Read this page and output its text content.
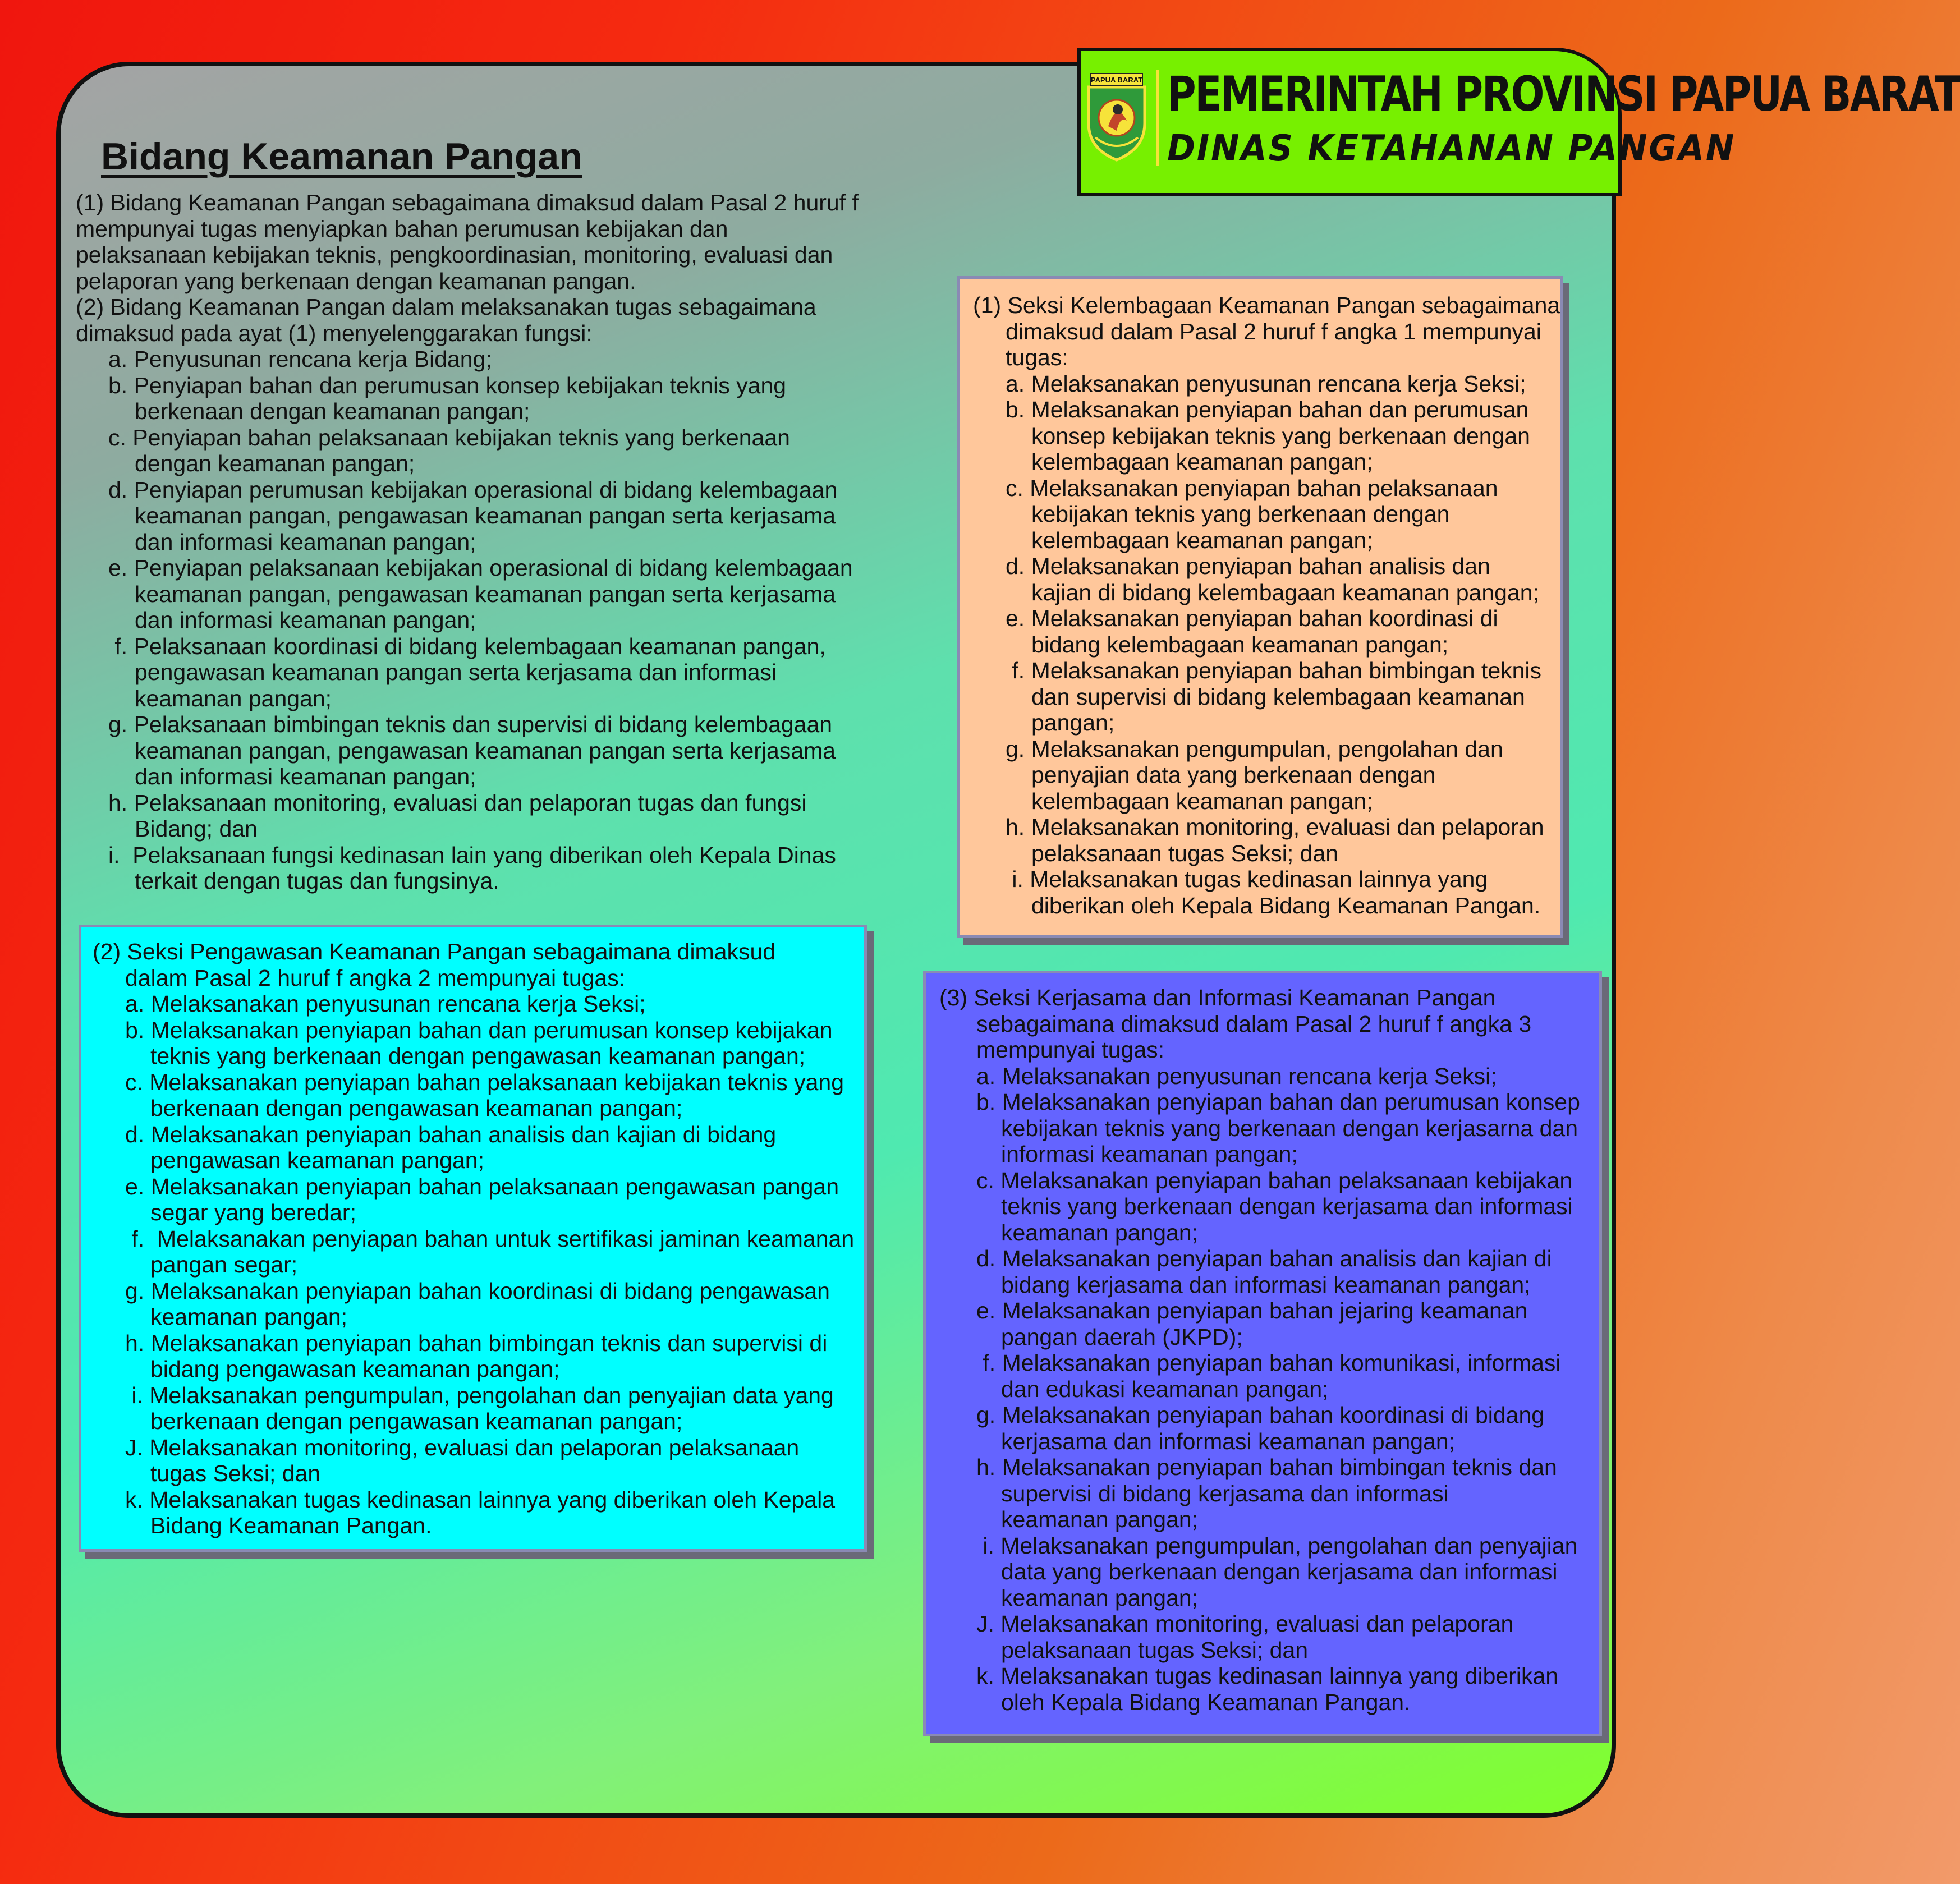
PAPUA BARAT PEMERINTAH PROVINSI PAPUA BARAT
DINAS KETAHANAN PANGAN
Bidang Keamanan Pangan
(1) Bidang Keamanan Pangan sebagaimana dimaksud dalam Pasal 2 huruf f
mempunyai tugas menyiapkan bahan perumusan kebijakan dan
pelaksanaan kebijakan teknis, pengkoordinasian, monitoring, evaluasi dan
pelaporan yang berkenaan dengan keamanan pangan.
(2) Bidang Keamanan Pangan dalam melaksanakan tugas sebagaimana
dimaksud pada ayat (1) menyelenggarakan fungsi:
a. Penyusunan rencana kerja Bidang;
b. Penyiapan bahan dan perumusan konsep kebijakan teknis yang
berkenaan dengan keamanan pangan;
c. Penyiapan bahan pelaksanaan kebijakan teknis yang berkenaan
dengan keamanan pangan;
d. Penyiapan perumusan kebijakan operasional di bidang kelembagaan
keamanan pangan, pengawasan keamanan pangan serta kerjasama
dan informasi keamanan pangan;
e. Penyiapan pelaksanaan kebijakan operasional di bidang kelembagaan
keamanan pangan, pengawasan keamanan pangan serta kerjasama
dan informasi keamanan pangan;
f. Pelaksanaan koordinasi di bidang kelembagaan keamanan pangan,
pengawasan keamanan pangan serta kerjasama dan informasi
keamanan pangan;
g. Pelaksanaan bimbingan teknis dan supervisi di bidang kelembagaan
keamanan pangan, pengawasan keamanan pangan serta kerjasama
dan informasi keamanan pangan;
h. Pelaksanaan monitoring, evaluasi dan pelaporan tugas dan fungsi
Bidang; dan
i.  Pelaksanaan fungsi kedinasan lain yang diberikan oleh Kepala Dinas
terkait dengan tugas dan fungsinya.
(1) Seksi Kelembagaan Keamanan Pangan sebagaimana
dimaksud dalam Pasal 2 huruf f angka 1 mempunyai
tugas:
a. Melaksanakan penyusunan rencana kerja Seksi;
b. Melaksanakan penyiapan bahan dan perumusan
konsep kebijakan teknis yang berkenaan dengan
kelembagaan keamanan pangan;
c. Melaksanakan penyiapan bahan pelaksanaan
kebijakan teknis yang berkenaan dengan
kelembagaan keamanan pangan;
d. Melaksanakan penyiapan bahan analisis dan
kajian di bidang kelembagaan keamanan pangan;
e. Melaksanakan penyiapan bahan koordinasi di
bidang kelembagaan keamanan pangan;
f. Melaksanakan penyiapan bahan bimbingan teknis
dan supervisi di bidang kelembagaan keamanan
pangan;
g. Melaksanakan pengumpulan, pengolahan dan
penyajian data yang berkenaan dengan
kelembagaan keamanan pangan;
h. Melaksanakan monitoring, evaluasi dan pelaporan
pelaksanaan tugas Seksi; dan
i. Melaksanakan tugas kedinasan lainnya yang
diberikan oleh Kepala Bidang Keamanan Pangan.
(2) Seksi Pengawasan Keamanan Pangan sebagaimana dimaksud
dalam Pasal 2 huruf f angka 2 mempunyai tugas:
a. Melaksanakan penyusunan rencana kerja Seksi;
b. Melaksanakan penyiapan bahan dan perumusan konsep kebijakan
teknis yang berkenaan dengan pengawasan keamanan pangan;
c. Melaksanakan penyiapan bahan pelaksanaan kebijakan teknis yang
berkenaan dengan pengawasan keamanan pangan;
d. Melaksanakan penyiapan bahan analisis dan kajian di bidang
pengawasan keamanan pangan;
e. Melaksanakan penyiapan bahan pelaksanaan pengawasan pangan
segar yang beredar;
f.  Melaksanakan penyiapan bahan untuk sertifikasi jaminan keamanan
pangan segar;
g. Melaksanakan penyiapan bahan koordinasi di bidang pengawasan
keamanan pangan;
h. Melaksanakan penyiapan bahan bimbingan teknis dan supervisi di
bidang pengawasan keamanan pangan;
i. Melaksanakan pengumpulan, pengolahan dan penyajian data yang
berkenaan dengan pengawasan keamanan pangan;
J. Melaksanakan monitoring, evaluasi dan pelaporan pelaksanaan
tugas Seksi; dan
k. Melaksanakan tugas kedinasan lainnya yang diberikan oleh Kepala
Bidang Keamanan Pangan.
(3) Seksi Kerjasama dan Informasi Keamanan Pangan
sebagaimana dimaksud dalam Pasal 2 huruf f angka 3
mempunyai tugas:
a. Melaksanakan penyusunan rencana kerja Seksi;
b. Melaksanakan penyiapan bahan dan perumusan konsep
kebijakan teknis yang berkenaan dengan kerjasarna dan
informasi keamanan pangan;
c. Melaksanakan penyiapan bahan pelaksanaan kebijakan
teknis yang berkenaan dengan kerjasama dan informasi
keamanan pangan;
d. Melaksanakan penyiapan bahan analisis dan kajian di
bidang kerjasama dan informasi keamanan pangan;
e. Melaksanakan penyiapan bahan jejaring keamanan
pangan daerah (JKPD);
f. Melaksanakan penyiapan bahan komunikasi, informasi
dan edukasi keamanan pangan;
g. Melaksanakan penyiapan bahan koordinasi di bidang
kerjasama dan informasi keamanan pangan;
h. Melaksanakan penyiapan bahan bimbingan teknis dan
supervisi di bidang kerjasama dan informasi
keamanan pangan;
i. Melaksanakan pengumpulan, pengolahan dan penyajian
data yang berkenaan dengan kerjasama dan informasi
keamanan pangan;
J. Melaksanakan monitoring, evaluasi dan pelaporan
pelaksanaan tugas Seksi; dan
k. Melaksanakan tugas kedinasan lainnya yang diberikan
oleh Kepala Bidang Keamanan Pangan.
